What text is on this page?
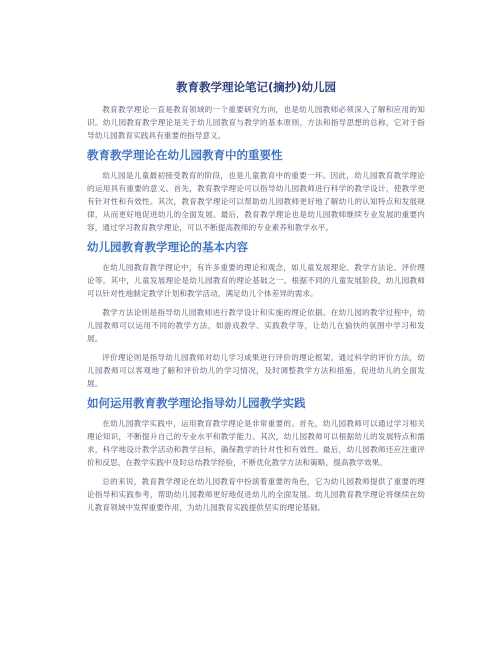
教育教学理论笔记(摘抄)幼儿园

教育教学理论一直是教育领域的一个重要研究方向，也是幼儿园教师必须深入了解和应用的知识。幼儿园教育教学理论是关于幼儿园教育与教学的基本原则、方法和指导思想的总称，它对于指导幼儿园教育实践具有重要的指导意义。

教育教学理论在幼儿园教育中的重要性

幼儿园是儿童最初接受教育的阶段，也是儿童教育中的重要一环。因此，幼儿园教育教学理论的运用具有重要的意义。首先，教育教学理论可以指导幼儿园教师进行科学的教学设计，使教学更有针对性和有效性。其次，教育教学理论可以帮助幼儿园教师更好地了解幼儿的认知特点和发展规律，从而更好地促进幼儿的全面发展。最后，教育教学理论也是幼儿园教师继续专业发展的重要内容，通过学习教育教学理论，可以不断提高教师的专业素养和教学水平。

幼儿园教育教学理论的基本内容

在幼儿园教育教学理论中，有许多重要的理论和观念，如儿童发展理论、教学方法论、评价理论等。其中，儿童发展理论是幼儿园教育的理论基础之一。根据不同的儿童发展阶段，幼儿园教师可以针对性地制定教学计划和教学活动，满足幼儿个体差异的需求。

教学方法论则是指导幼儿园教师进行教学设计和实施的理论依据。在幼儿园的教学过程中，幼儿园教师可以运用不同的教学方法，如游戏教学、实践教学等，让幼儿在愉快的氛围中学习和发展。

评价理论则是指导幼儿园教师对幼儿学习成果进行评价的理论框架。通过科学的评价方法，幼儿园教师可以客观地了解和评价幼儿的学习情况，及时调整教学方法和措施，促进幼儿的全面发展。

如何运用教育教学理论指导幼儿园教学实践

在幼儿园教学实践中，运用教育教学理论是非常重要的。首先，幼儿园教师可以通过学习相关理论知识，不断提升自己的专业水平和教学能力。其次，幼儿园教师可以根据幼儿的发展特点和需求，科学地设计教学活动和教学目标，确保教学的针对性和有效性。最后，幼儿园教师还应注重评价和反思，在教学实践中及时总结教学经验，不断优化教学方法和策略，提高教学效果。

总的来说，教育教学理论在幼儿园教育中扮演着重要的角色，它为幼儿园教师提供了重要的理论指导和实践参考，帮助幼儿园教师更好地促进幼儿的全面发展。幼儿园教育教学理论将继续在幼儿教育领域中发挥重要作用，为幼儿园教育实践提供坚实的理论基础。
